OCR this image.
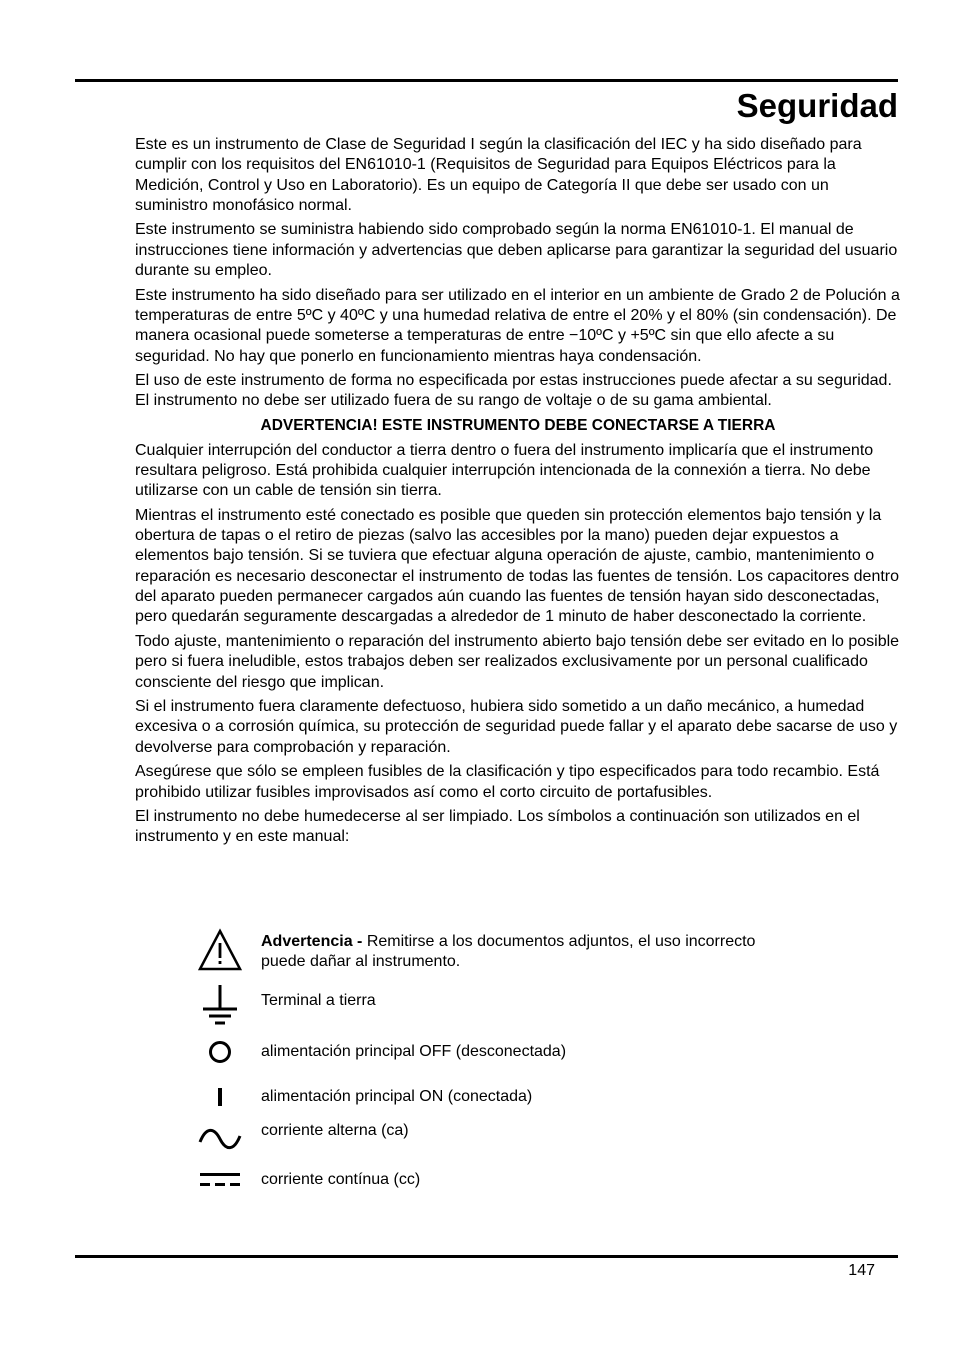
Seguridad

Este es un instrumento de Clase de Seguridad I según la clasificación del IEC y ha sido diseñado para cumplir con los requisitos del EN61010-1 (Requisitos de Seguridad para Equipos Eléctricos para la Medición, Control y Uso en Laboratorio). Es un equipo de Categoría II que debe ser usado con un suministro monofásico normal.

Este instrumento se suministra habiendo sido comprobado según la norma EN61010-1. El manual de instrucciones tiene información y advertencias que deben aplicarse para garantizar la seguridad del usuario durante su empleo.

Este instrumento ha sido diseñado para ser utilizado en el interior en un ambiente de Grado 2 de Polución a temperaturas de entre 5ºC y 40ºC y una humedad relativa de entre el 20% y el 80% (sin condensación). De manera ocasional puede someterse a temperaturas de entre −10ºC y +5ºC sin que ello afecte a su seguridad. No hay que ponerlo en funcionamiento mientras haya condensación.

El uso de este instrumento de forma no especificada por estas instrucciones puede afectar a su seguridad. El instrumento no debe ser utilizado fuera de su rango de voltaje o de su gama ambiental.

ADVERTENCIA! ESTE INSTRUMENTO DEBE CONECTARSE A TIERRA

Cualquier interrupción del conductor a tierra dentro o fuera del instrumento implicaría que el instrumento resultara peligroso. Está prohibida cualquier interrupción intencionada de la connexión a tierra. No debe utilizarse con un cable de tensión sin tierra.

Mientras el instrumento esté conectado es posible que queden sin protección elementos bajo tensión y la obertura de tapas o el retiro de piezas (salvo las accesibles por la mano) pueden dejar expuestos a elementos bajo tensión. Si se tuviera que efectuar alguna operación de ajuste, cambio, mantenimiento o reparación es necesario desconectar el instrumento de todas las fuentes de tensión. Los capacitores dentro del aparato pueden permanecer cargados aún cuando las fuentes de tensión hayan sido desconectadas, pero quedarán seguramente descargadas a alrededor de 1 minuto de haber desconectado la corriente.

Todo ajuste, mantenimiento o reparación del instrumento abierto bajo tensión debe ser evitado en lo posible pero si fuera ineludible, estos trabajos deben ser realizados exclusivamente por un personal cualificado consciente del riesgo que implican.

Si el instrumento fuera claramente defectuoso, hubiera sido sometido a un daño mecánico, a humedad excesiva o a corrosión química, su protección de seguridad puede fallar y el aparato debe sacarse de uso y devolverse para comprobación y reparación.

Asegúrese que sólo se empleen fusibles de la clasificación y tipo especificados para todo recambio. Está prohibido utilizar fusibles improvisados así como el corto circuito de portafusibles.

El instrumento no debe humedecerse al ser limpiado. Los símbolos a continuación son utilizados en el instrumento y en este manual:

Advertencia - Remitirse a los documentos adjuntos, el uso incorrecto puede dañar al instrumento.
Terminal a tierra
alimentación principal OFF (desconectada)
alimentación principal ON (conectada)
corriente alterna (ca)
corriente contínua (cc)
147
